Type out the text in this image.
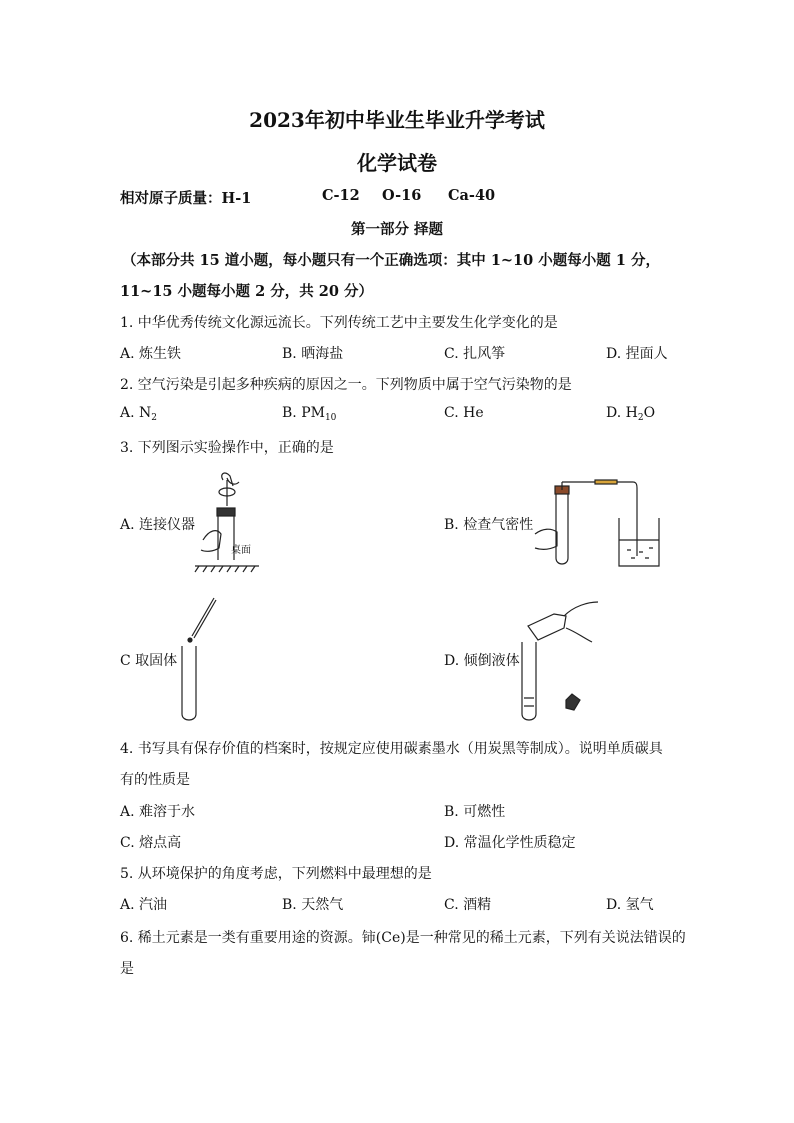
2023年初中毕业生毕业升学考试
化学试卷
相对原子质量：H-1	C-12 O-16 Ca-40
第一部分 择题
（本部分共 15 道小题，每小题只有一个正确选项：其中 1~10 小题每小题 1 分，
11~15 小题每小题 2 分，共 20 分）
1. 中华优秀传统文化源远流长。下列传统工艺中主要发生化学变化的是
A. 炼生铁	B. 晒海盐	C. 扎风筝	D. 捏面人
2. 空气污染是引起多种疾病的原因之一。下列物质中属于空气污染物的是
A. $N_2$	B. $PM_{10}$	C. He	D. $H_2O$
3. 下列图示实验操作中，正确的是
A. 连接仪器	B. 检查气密性
C 取固体	D. 倾倒液体
桌面
4. 书写具有保存价值的档案时，按规定应使用碳素墨水（用炭黑等制成）。说明单质碳具
有的性质是
A. 难溶于水	B. 可燃性
C. 熔点高	D. 常温化学性质稳定
5. 从环境保护的角度考虑，下列燃料中最理想的是
A. 汽油	B. 天然气	C. 酒精	D. 氢气
6. 稀土元素是一类有重要用途的资源。铈(Ce)是一种常见的稀土元素，下列有关说法错误的
是
